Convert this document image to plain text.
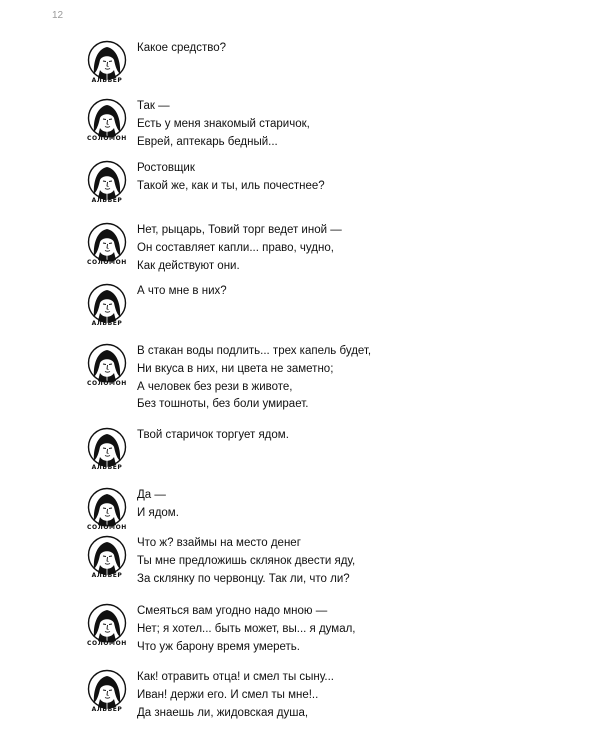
12
АЛЬБЕР
Какое средство?
СОЛОМОН
Так —
Есть у меня знакомый старичок,
Еврей, аптекарь бедный...
АЛЬБЕР
Ростовщик
Такой же, как и ты, иль почестнее?
СОЛОМОН
Нет, рыцарь, Товий торг ведет иной —
Он составляет капли... право, чудно,
Как действуют они.
АЛЬБЕР
А что мне в них?
СОЛОМОН
В стакан воды подлить... трех капель будет,
Ни вкуса в них, ни цвета не заметно;
А человек без рези в животе,
Без тошноты, без боли умирает.
АЛЬБЕР
Твой старичок торгует ядом.
СОЛОМОН
Да —
И ядом.
АЛЬБЕР
Что ж? взаймы на место денег
Ты мне предложишь склянок двести яду,
За склянку по червонцу. Так ли, что ли?
СОЛОМОН
Смеяться вам угодно надо мною —
Нет; я хотел... быть может, вы... я думал,
Что уж барону время умереть.
АЛЬБЕР
Как! отравить отца! и смел ты сыну...
Иван! держи его. И смел ты мне!..
Да знаешь ли, жидовская душа,
